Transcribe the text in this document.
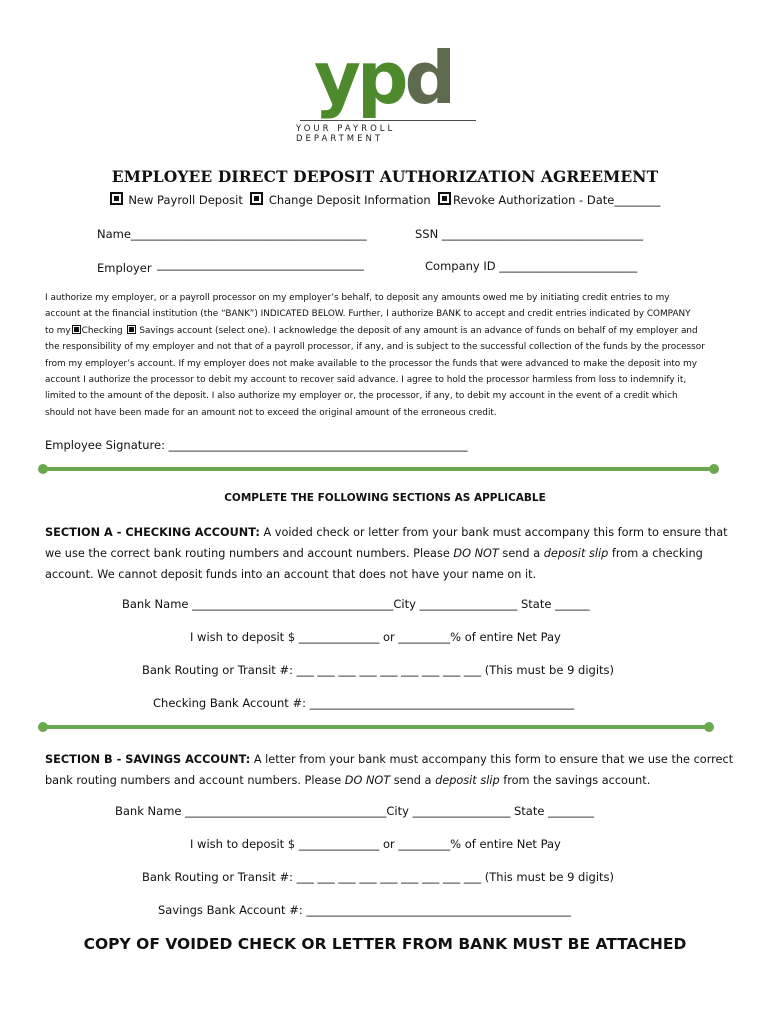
ypd
YOUR PAYROLL DEPARTMENT
EMPLOYEE DIRECT DEPOSIT AUTHORIZATION AGREEMENT
New Payroll Deposit Change Deposit Information Revoke Authorization - Date________
Name_________________________________________	SSN ___________________________________
Employer ____________________________________	Company ID ________________________
I authorize my employer, or a payroll processor on my employer’s behalf, to deposit any amounts owed me by initiating credit entries to my
account at the financial institution (the “BANK”) INDICATED BELOW. Further, I authorize BANK to accept and credit entries indicated by COMPANY
to my Checking Savings account (select one). I acknowledge the deposit of any amount is an advance of funds on behalf of my employer and
the responsibility of my employer and not that of a payroll processor, if any, and is subject to the successful collection of the funds by the processor
from my employer’s account. If my employer does not make available to the processor the funds that were advanced to make the deposit into my
account I authorize the processor to debit my account to recover said advance. I agree to hold the processor harmless from loss to indemnify it,
limited to the amount of the deposit. I also authorize my employer or, the processor, if any, to debit my account in the event of a credit which
should not have been made for an amount not to exceed the original amount of the erroneous credit.
Employee Signature: ____________________________________________________
COMPLETE THE FOLLOWING SECTIONS AS APPLICABLE
SECTION A - CHECKING ACCOUNT: A voided check or letter from your bank must accompany this form to ensure that
we use the correct bank routing numbers and account numbers. Please DO NOT send a deposit slip from a checking
account. We cannot deposit funds into an account that does not have your name on it.
Bank Name ___________________________________City _________________ State ______
I wish to deposit $ ______________ or _________% of entire Net Pay
Bank Routing or Transit #: ___ ___ ___ ___ ___ ___ ___ ___ ___ (This must be 9 digits)
Checking Bank Account #: ______________________________________________
SECTION B - SAVINGS ACCOUNT: A letter from your bank must accompany this form to ensure that we use the correct
bank routing numbers and account numbers. Please DO NOT send a deposit slip from the savings account.
Bank Name ___________________________________City _________________ State ________
I wish to deposit $ ______________ or _________% of entire Net Pay
Bank Routing or Transit #: ___ ___ ___ ___ ___ ___ ___ ___ ___ (This must be 9 digits)
Savings Bank Account #: ______________________________________________
COPY OF VOIDED CHECK OR LETTER FROM BANK MUST BE ATTACHED
